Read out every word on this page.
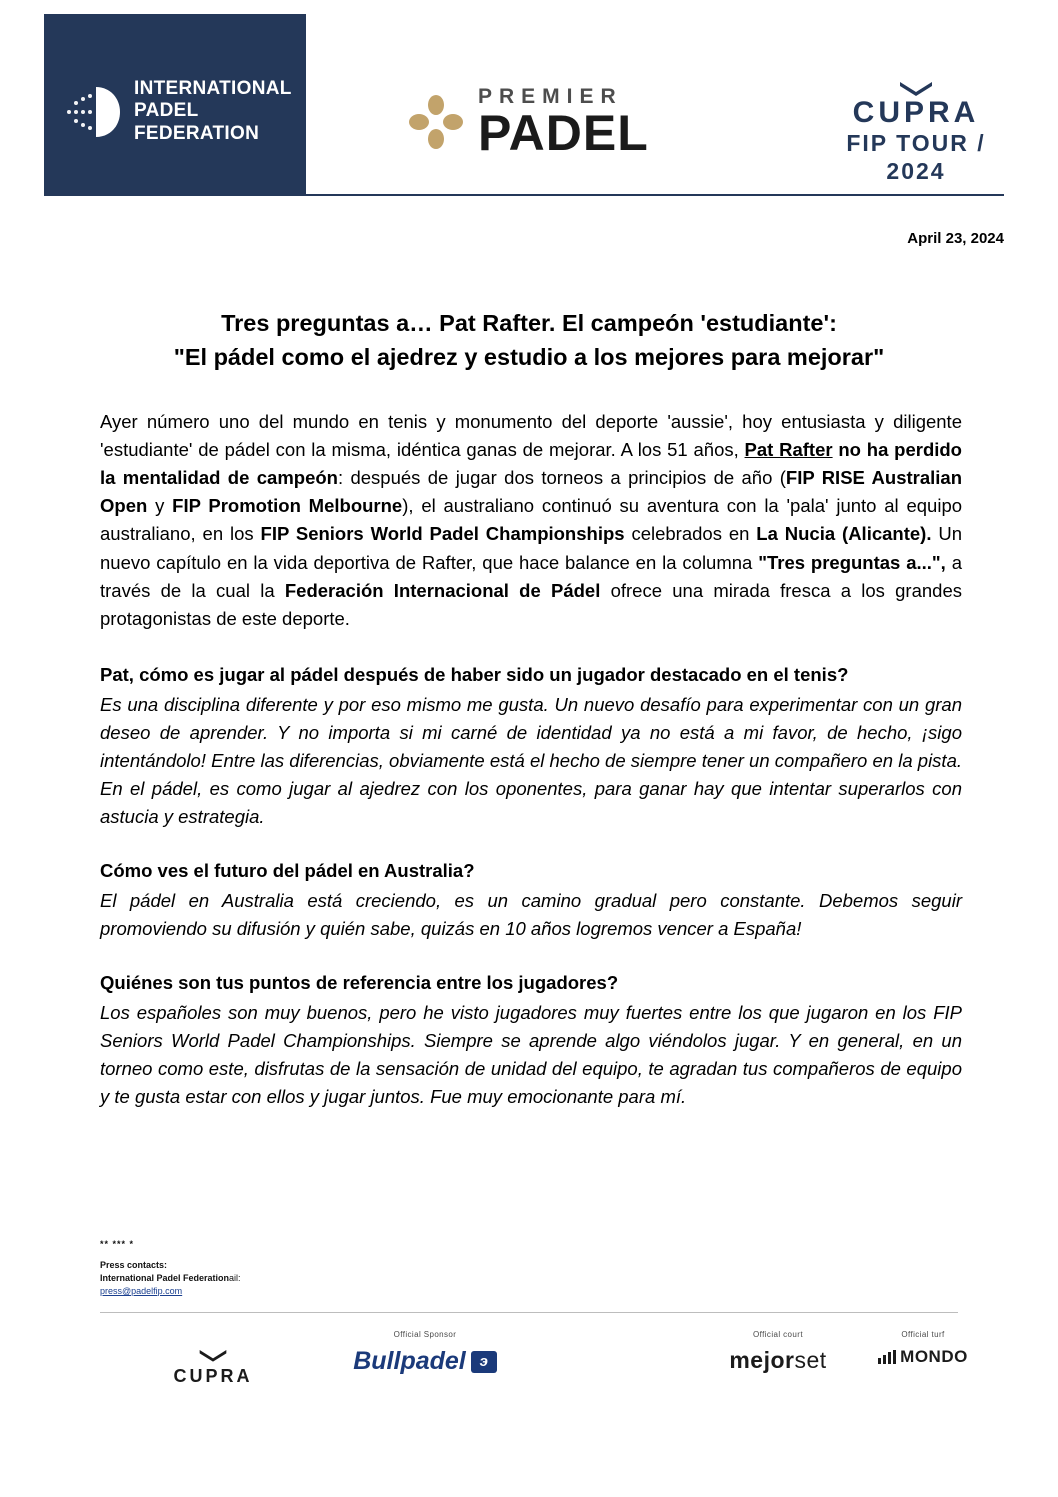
INTERNATIONAL
PADEL
FEDERATION
PREMIER
PADEL	CUPRA
FIP TOUR / 2024
April 23, 2024
Tres preguntas a… Pat Rafter. El campeón 'estudiante':
"El pádel como el ajedrez y estudio a los mejores para mejorar"

Ayer número uno del mundo en tenis y monumento del deporte 'aussie', hoy entusiasta y diligente 'estudiante' de pádel con la misma, idéntica ganas de mejorar. A los 51 años, Pat Rafter no ha perdido la mentalidad de campeón: después de jugar dos torneos a principios de año (FIP RISE Australian Open y FIP Promotion Melbourne), el australiano continuó su aventura con la 'pala' junto al equipo australiano, en los FIP Seniors World Padel Championships celebrados en La Nucia (Alicante). Un nuevo capítulo en la vida deportiva de Rafter, que hace balance en la columna "Tres preguntas a...", a través de la cual la Federación Internacional de Pádel ofrece una mirada fresca a los grandes protagonistas de este deporte.

Pat, cómo es jugar al pádel después de haber sido un jugador destacado en el tenis?

Es una disciplina diferente y por eso mismo me gusta. Un nuevo desafío para experimentar con un gran deseo de aprender. Y no importa si mi carné de identidad ya no está a mi favor, de hecho, ¡sigo intentándolo! Entre las diferencias, obviamente está el hecho de siempre tener un compañero en la pista. En el pádel, es como jugar al ajedrez con los oponentes, para ganar hay que intentar superarlos con astucia y estrategia.

Cómo ves el futuro del pádel en Australia?

El pádel en Australia está creciendo, es un camino gradual pero constante. Debemos seguir promoviendo su difusión y quién sabe, quizás en 10 años logremos vencer a España!

Quiénes son tus puntos de referencia entre los jugadores?

Los españoles son muy buenos, pero he visto jugadores muy fuertes entre los que jugaron en los FIP Seniors World Padel Championships. Siempre se aprende algo viéndolos jugar. Y en general, en un torneo como este, disfrutas de la sensación de unidad del equipo, te agradan tus compañeros de equipo y te gusta estar con ellos y jugar juntos. Fue muy emocionante para mí.

** *** *
Press contacts:
International Padel Federationail:
press@padelfip.com
CUPRA
Official Sponsor
Bullpadel э
Official court
mejorset
Official turf
MONDO
